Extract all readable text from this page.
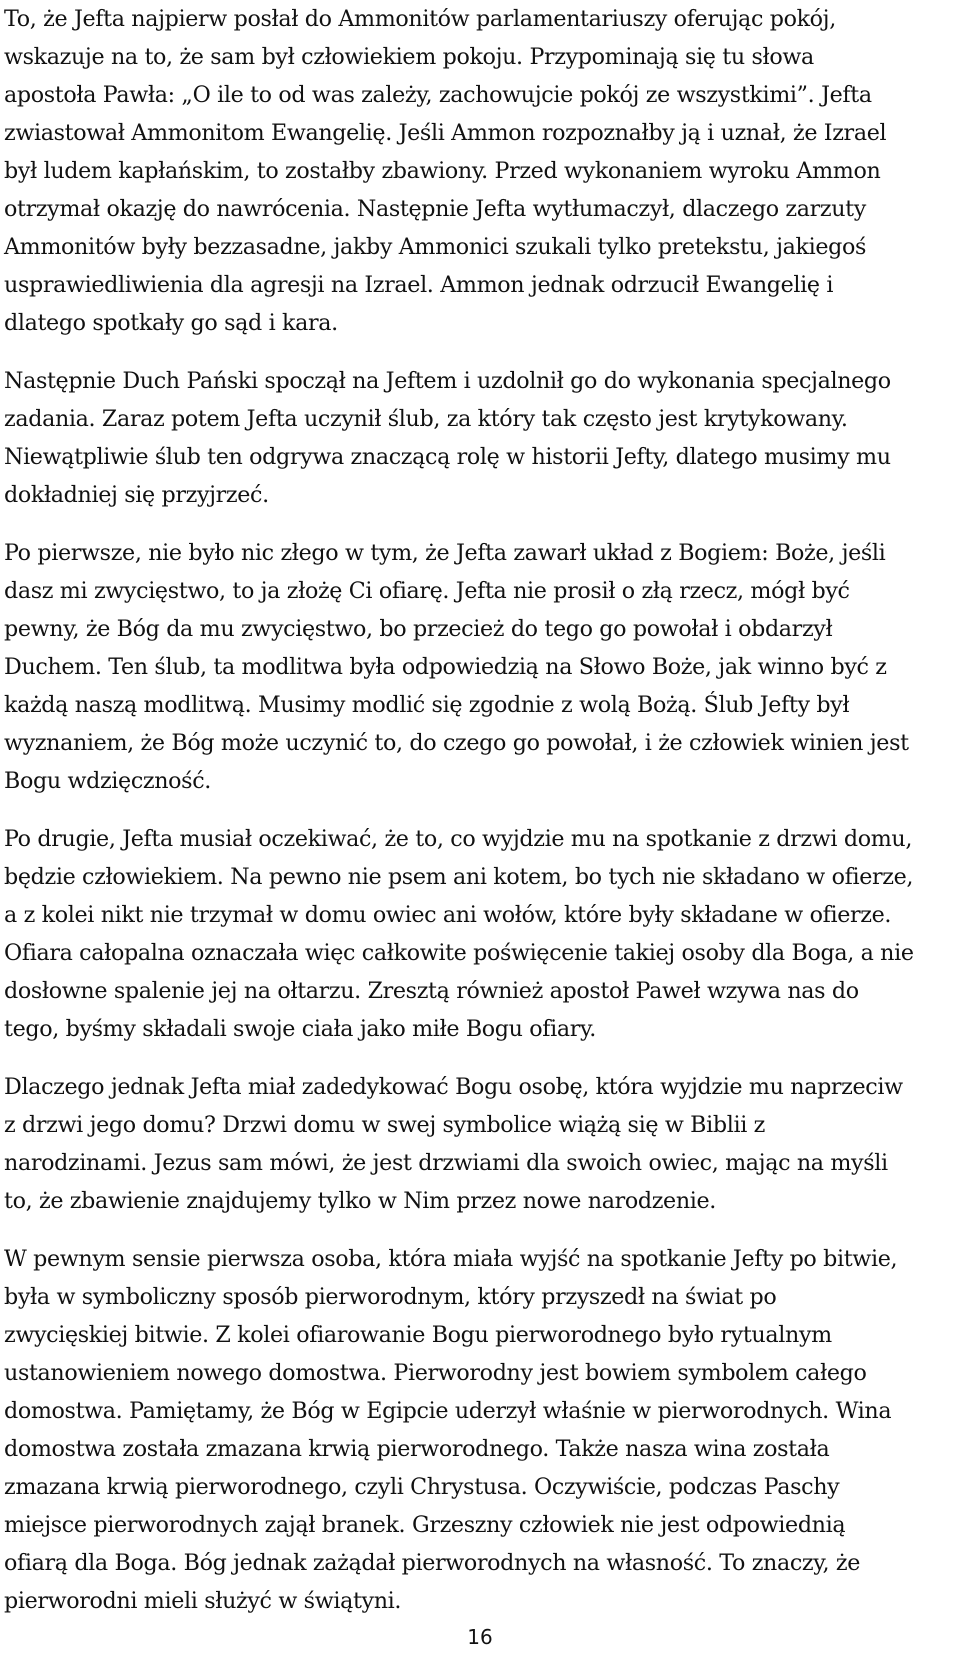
To, że Jefta najpierw posłał do Ammonitów parlamentariuszy oferując pokój,
wskazuje na to, że sam był człowiekiem pokoju. Przypominają się tu słowa
apostoła Pawła: „O ile to od was zależy, zachowujcie pokój ze wszystkimi”. Jefta
zwiastował Ammonitom Ewangelię. Jeśli Ammon rozpoznałby ją i uznał, że Izrael
był ludem kapłańskim, to zostałby zbawiony. Przed wykonaniem wyroku Ammon
otrzymał okazję do nawrócenia. Następnie Jefta wytłumaczył, dlaczego zarzuty
Ammonitów były bezzasadne, jakby Ammonici szukali tylko pretekstu, jakiegoś
usprawiedliwienia dla agresji na Izrael. Ammon jednak odrzucił Ewangelię i
dlatego spotkały go sąd i kara.

Następnie Duch Pański spoczął na Jeftem i uzdolnił go do wykonania specjalnego
zadania. Zaraz potem Jefta uczynił ślub, za który tak często jest krytykowany.
Niewątpliwie ślub ten odgrywa znaczącą rolę w historii Jefty, dlatego musimy mu
dokładniej się przyjrzeć.

Po pierwsze, nie było nic złego w tym, że Jefta zawarł układ z Bogiem: Boże, jeśli
dasz mi zwycięstwo, to ja złożę Ci ofiarę. Jefta nie prosił o złą rzecz, mógł być
pewny, że Bóg da mu zwycięstwo, bo przecież do tego go powołał i obdarzył
Duchem. Ten ślub, ta modlitwa była odpowiedzią na Słowo Boże, jak winno być z
każdą naszą modlitwą. Musimy modlić się zgodnie z wolą Bożą. Ślub Jefty był
wyznaniem, że Bóg może uczynić to, do czego go powołał, i że człowiek winien jest
Bogu wdzięczność.

Po drugie, Jefta musiał oczekiwać, że to, co wyjdzie mu na spotkanie z drzwi domu,
będzie człowiekiem. Na pewno nie psem ani kotem, bo tych nie składano w ofierze,
a z kolei nikt nie trzymał w domu owiec ani wołów, które były składane w ofierze.
Ofiara całopalna oznaczała więc całkowite poświęcenie takiej osoby dla Boga, a nie
dosłowne spalenie jej na ołtarzu. Zresztą również apostoł Paweł wzywa nas do
tego, byśmy składali swoje ciała jako miłe Bogu ofiary.

Dlaczego jednak Jefta miał zadedykować Bogu osobę, która wyjdzie mu naprzeciw
z drzwi jego domu? Drzwi domu w swej symbolice wiążą się w Biblii z
narodzinami. Jezus sam mówi, że jest drzwiami dla swoich owiec, mając na myśli
to, że zbawienie znajdujemy tylko w Nim przez nowe narodzenie.

W pewnym sensie pierwsza osoba, która miała wyjść na spotkanie Jefty po bitwie,
była w symboliczny sposób pierworodnym, który przyszedł na świat po
zwycięskiej bitwie. Z kolei ofiarowanie Bogu pierworodnego było rytualnym
ustanowieniem nowego domostwa. Pierworodny jest bowiem symbolem całego
domostwa. Pamiętamy, że Bóg w Egipcie uderzył właśnie w pierworodnych. Wina
domostwa została zmazana krwią pierworodnego. Także nasza wina została
zmazana krwią pierworodnego, czyli Chrystusa. Oczywiście, podczas Paschy
miejsce pierworodnych zajął branek. Grzeszny człowiek nie jest odpowiednią
ofiarą dla Boga. Bóg jednak zażądał pierworodnych na własność. To znaczy, że
pierworodni mieli służyć w świątyni.

16
